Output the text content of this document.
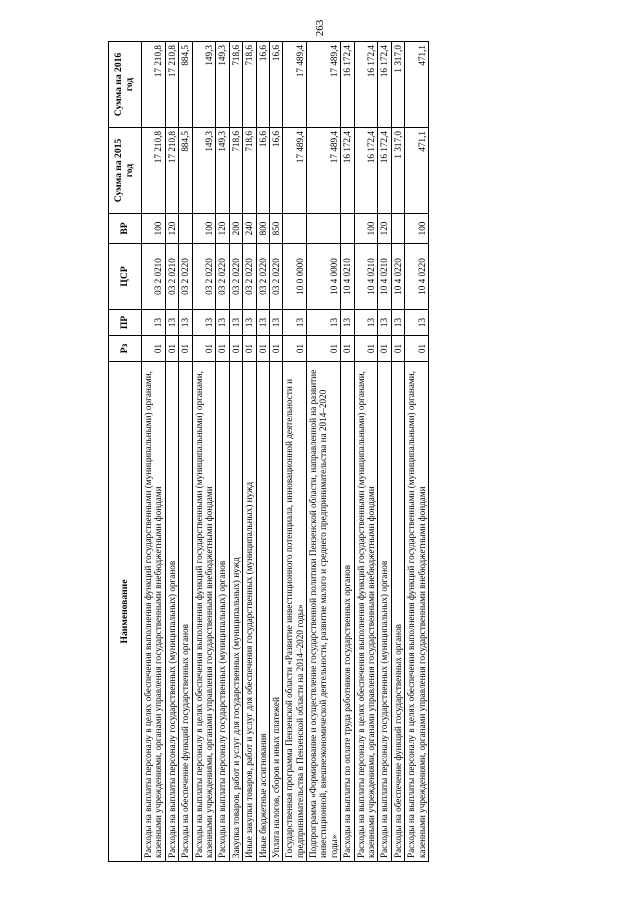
263
Наименование	Рз	ПР	ЦСР	ВР	Сумма на 2015 год	Сумма на 2016 год
Расходы на выплаты персоналу в целях обеспечения выполнения функций государственными (муниципальными) органами, казенными учреждениями, органами управления государственными внебюджетными фондами	01	13	03 2 0210	100	17 210,8	17 210,8
Расходы на выплаты персоналу государственных (муниципальных) органов	01	13	03 2 0210	120	17 210,8	17 210,8
Расходы на обеспечение функций государственных органов	01	13	03 2 0220		884,5	884,5
Расходы на выплаты персоналу в целях обеспечения выполнения функций государственными (муниципальными) органами, казенными учреждениями, органами управления государственными внебюджетными фондами	01	13	03 2 0220	100	149,3	149,3
Расходы на выплаты персоналу государственных (муниципальных) органов	01	13	03 2 0220	120	149,3	149,3
Закупка товаров, работ и услуг для государственных (муниципальных) нужд	01	13	03 2 0220	200	718,6	718,6
Иные закупки товаров, работ и услуг для обеспечения государственных (муниципальных) нужд	01	13	03 2 0220	240	718,6	718,6
Иные бюджетные ассигнования	01	13	03 2 0220	800	16,6	16,6
Уплата налогов, сборов и иных платежей	01	13	03 2 0220	850	16,6	16,6
Государственная программа Пензенской области «Развитие инвестиционного потенциала, инновационной деятельности и предпринимательства в Пензенской области на 2014–2020 годы»	01	13	10 0 0000		17 489,4	17 489,4
Подпрограмма «Формирование и осуществление государственной политики Пензенской области, направленной на развитие инвестиционной, внешнеэкономической деятельности, развитие малого и среднего предпринимательства на 2014–2020 годы»	01	13	10 4 0000		17 489,4	17 489,4
Расходы на выплаты по оплате труда работников государственных органов	01	13	10 4 0210		16 172,4	16 172,4
Расходы на выплаты персоналу в целях обеспечения выполнения функций государственными (муниципальными) органами, казенными учреждениями, органами управления государственными внебюджетными фондами	01	13	10 4 0210	100	16 172,4	16 172,4
Расходы на выплаты персоналу государственных (муниципальных) органов	01	13	10 4 0210	120	16 172,4	16 172,4
Расходы на обеспечение функций государственных органов	01	13	10 4 0220		1 317,0	1 317,0
Расходы на выплаты персоналу в целях обеспечения выполнения функций государственными (муниципальными) органами, казенными учреждениями, органами управления государственными внебюджетными фондами	01	13	10 4 0220	100	471,1	471,1
